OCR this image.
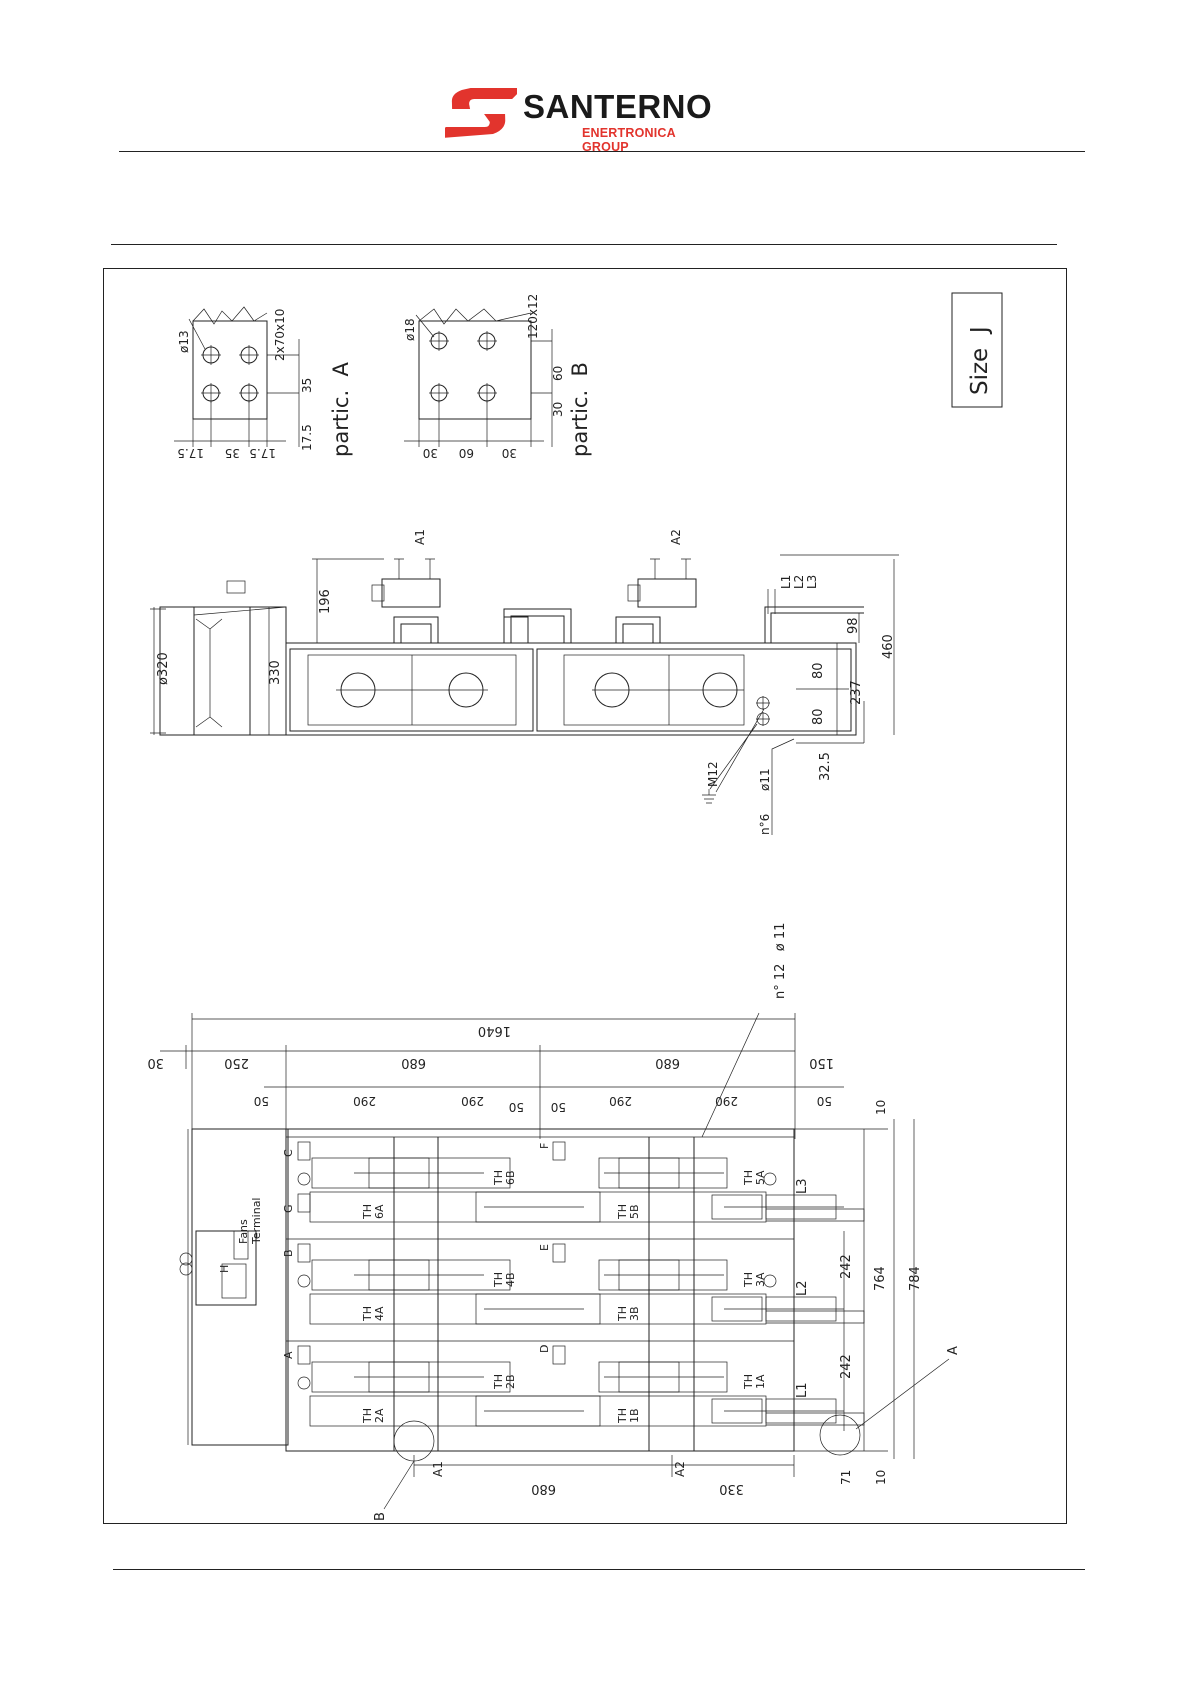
SANTERNO
ENERTRONICA GROUP
Size  J
ø13	2x70x10
17.5
35
17.5 35 17.5	partic.  A
ø18	120x12
30
60
30 60 30 partic.  B
ø320	330
A1	A2
196
L1 L2 L3
80
80
237
98
460
32.5
M12	ø11
n°6
n° 12   ø 11
1640
30	250	680	680	150
50	290	290 50 50	290	290	50
Fans Terminal
H
TH 6B	TH 5A
TH 6A	TH 5B
TH 4B	TH 3A
TH 4A	TH 3B
TH 2B	TH 1A
TH 2A	TH 1B
C
F
G
B
E
A
D
L3
L2
L1
10
242
242
764 784
71 10
A
B
A1	A2
680	330
